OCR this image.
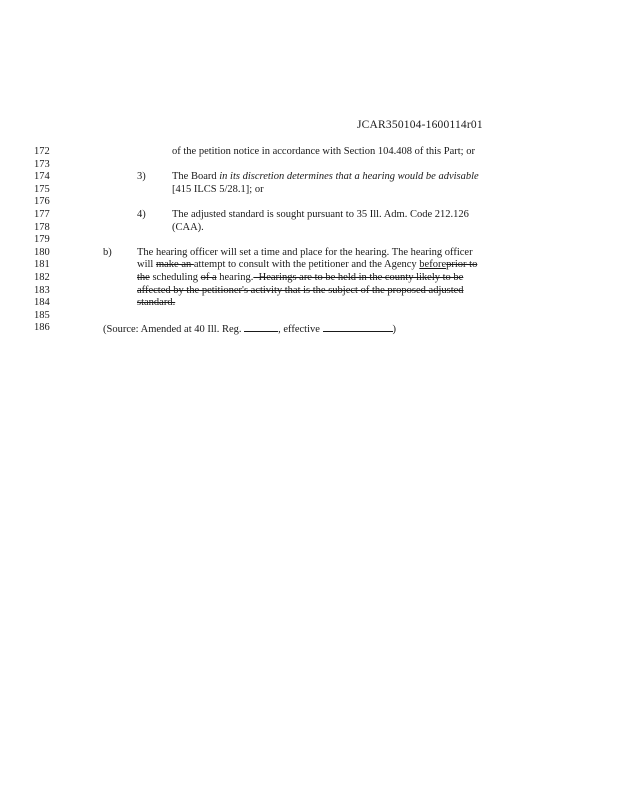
JCAR350104-1600114r01
172
173
174
175
176
177
178
179
180
181
182
183
184
185
186
of the petition notice in accordance with Section 104.408 of this Part; or
3)	The Board in its discretion determines that a hearing would be advisable
[415 ILCS 5/28.1]; or
4)	The adjusted standard is sought pursuant to 35 Ill. Adm. Code 212.126
(CAA).
b) The hearing officer will set a time and place for the hearing. The hearing officer
will make an attempt to consult with the petitioner and the Agency beforeprior to
the scheduling of a hearing.  Hearings are to be held in the county likely to be
affected by the petitioner's activity that is the subject of the proposed adjusted
standard.
(Source: Amended at 40 Ill. Reg.	, effective	)
